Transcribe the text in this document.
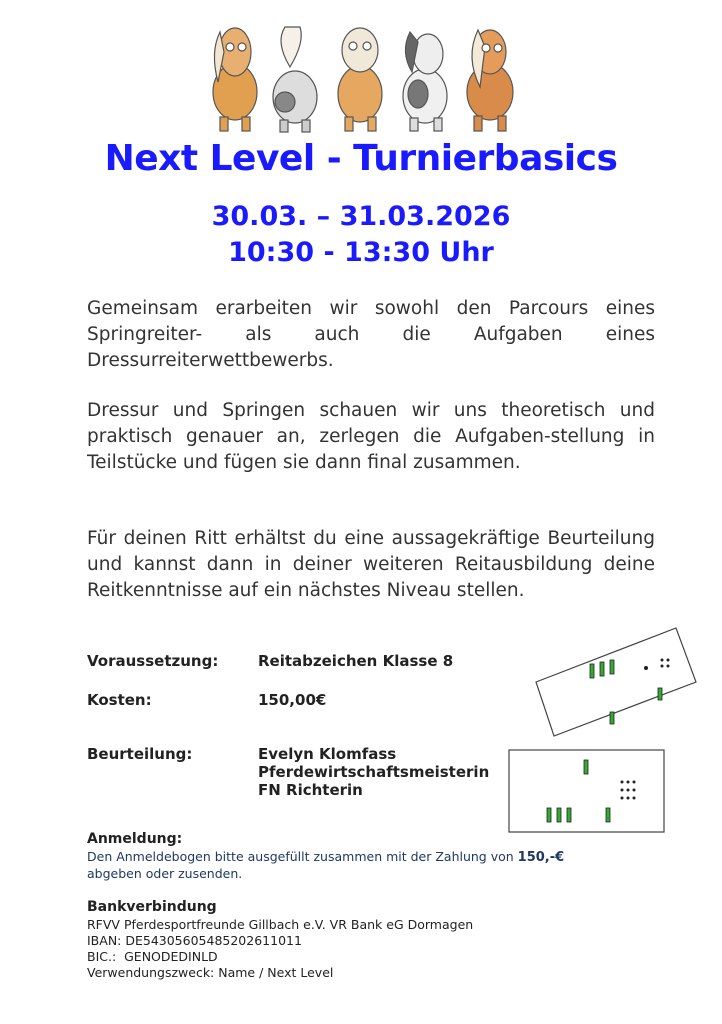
Next Level - Turnierbasics
30.03. – 31.03.2026
10:30 - 13:30 Uhr
Gemeinsam erarbeiten wir sowohl den Parcours eines Springreiter- als auch die Aufgaben eines Dressurreiterwettbewerbs.
Dressur und Springen schauen wir uns theoretisch und praktisch genauer an, zerlegen die Aufgaben-stellung in Teilstücke und fügen sie dann final zusammen.
Für deinen Ritt erhältst du eine aussagekräftige Beurteilung und kannst dann in deiner weiteren Reitausbildung deine Reitkenntnisse auf ein nächstes Niveau stellen.
Voraussetzung:	Reitabzeichen Klasse 8
Kosten:	150,00€
Beurteilung:	Evelyn Klomfass
Pferdewirtschaftsmeisterin
FN Richterin
Anmeldung:
Den Anmeldebogen bitte ausgefüllt zusammen mit der Zahlung von 150,-€
abgeben oder zusenden.
Bankverbindung
RFVV Pferdesportfreunde Gillbach e.V. VR Bank eG Dormagen
IBAN: DE54305605485202611011
BIC.:  GENODEDINLD
Verwendungszweck: Name / Next Level
